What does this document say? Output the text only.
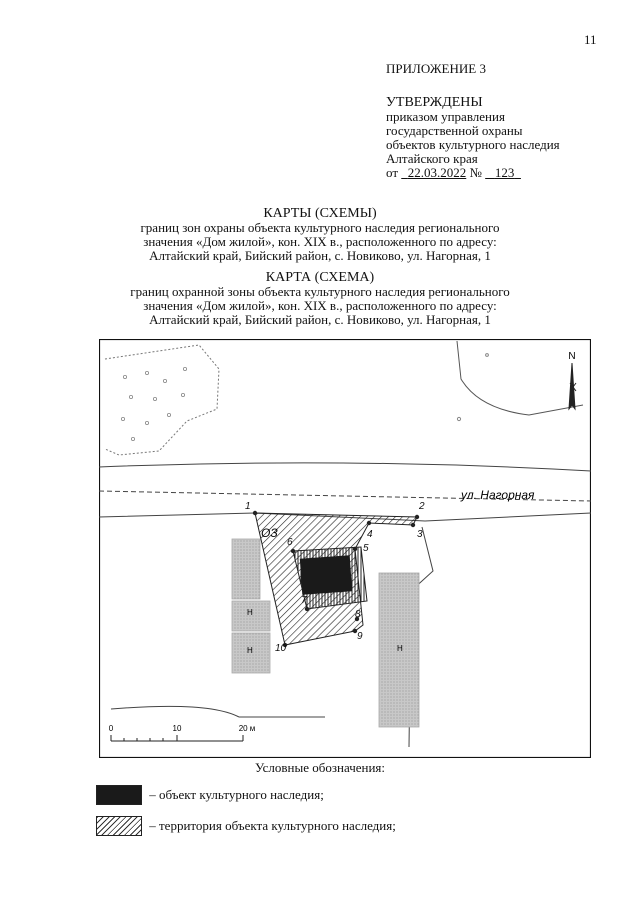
11
ПРИЛОЖЕНИЕ 3
УТВЕРЖДЕНЫ
приказом управления
государственной охраны
объектов культурного наследия
Алтайского края
от 22.03.2022 № 123
КАРТЫ (СХЕМЫ)
границ зон охраны объекта культурного наследия регионального
значения «Дом жилой», кон. XIX в., расположенного по адресу:
Алтайский край, Бийский район, с. Новиково, ул. Нагорная, 1
КАРТА (СХЕМА)
границ охранной зоны объекта культурного наследия регионального
значения «Дом жилой», кон. XIX в., расположенного по адресу:
Алтайский край, Бийский район, с. Новиково, ул. Нагорная, 1
N
ул. Нагорная
Н
Н	Н
ОЗ
1	2
3
4
5
6
7
8
9
10
0	10	20 м
Условные обозначения:
– объект культурного наследия;
– территория объекта культурного наследия;
